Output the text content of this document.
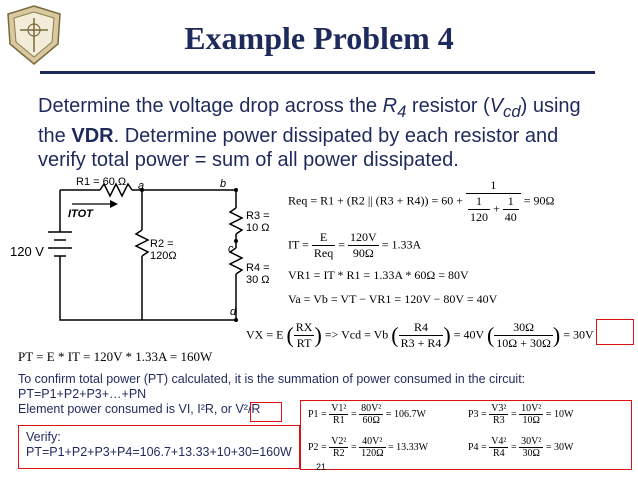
Example Problem 4
Determine the voltage drop across the $R_4$ resistor $(V_{cd})$ using the VDR. Determine power dissipated by each resistor and verify total power = sum of all power dissipated.
R1 = 60 Ω
ITOT
120 V	R2 = 120Ω
R3 = 10 Ω
R4 = 30 Ω
a	b
c
d
Req = R1 + (R2 || $(R3 + R4)) = 60 + \frac{1}{\frac{1}{120} + \frac{1}{40}} = 90\Omega$
IT = $\frac{E}{\text{Req}} = \frac{120V}{90\Omega} = 1.33A$
VR1 = IT * R1 = 1.33A * 60Ω = 80V
Va = Vb = VT − VR1 = 120V − 80V = 40V
VX = E ( $\frac{RX}{RT}$ ) => Vcd = Vb ( $\frac{R4}{R3 + R4}$ ) = 40V ( $\frac{30\Omega}{10\Omega + 30\Omega}$ ) = 30V
PT = E * IT = 120V * 1.33A = 160W
To confirm total power (PT) calculated, it is the summation of power consumed in the circuit:
PT=P1+P2+P3+…+PN
Element power consumed is VI, I²R, or V²/R
Verify:
PT=P1+P2+P3+P4=106.7+13.33+10+30=160W
$P1 = \frac{\text{V1²}}{R1} = \frac{\text{80V²}}{60\Omega} = 106.7W$	$P3 = \frac{\text{V3²}}{R3} = \frac{\text{10V²}}{10\Omega} = 10W$
$P2 = \frac{\text{V2²}}{R2} = \frac{\text{40V²}}{120\Omega} = 13.33W$	$P4 = \frac{\text{V4²}}{R4} = \frac{\text{30V²}}{30\Omega} = 30W$
21
